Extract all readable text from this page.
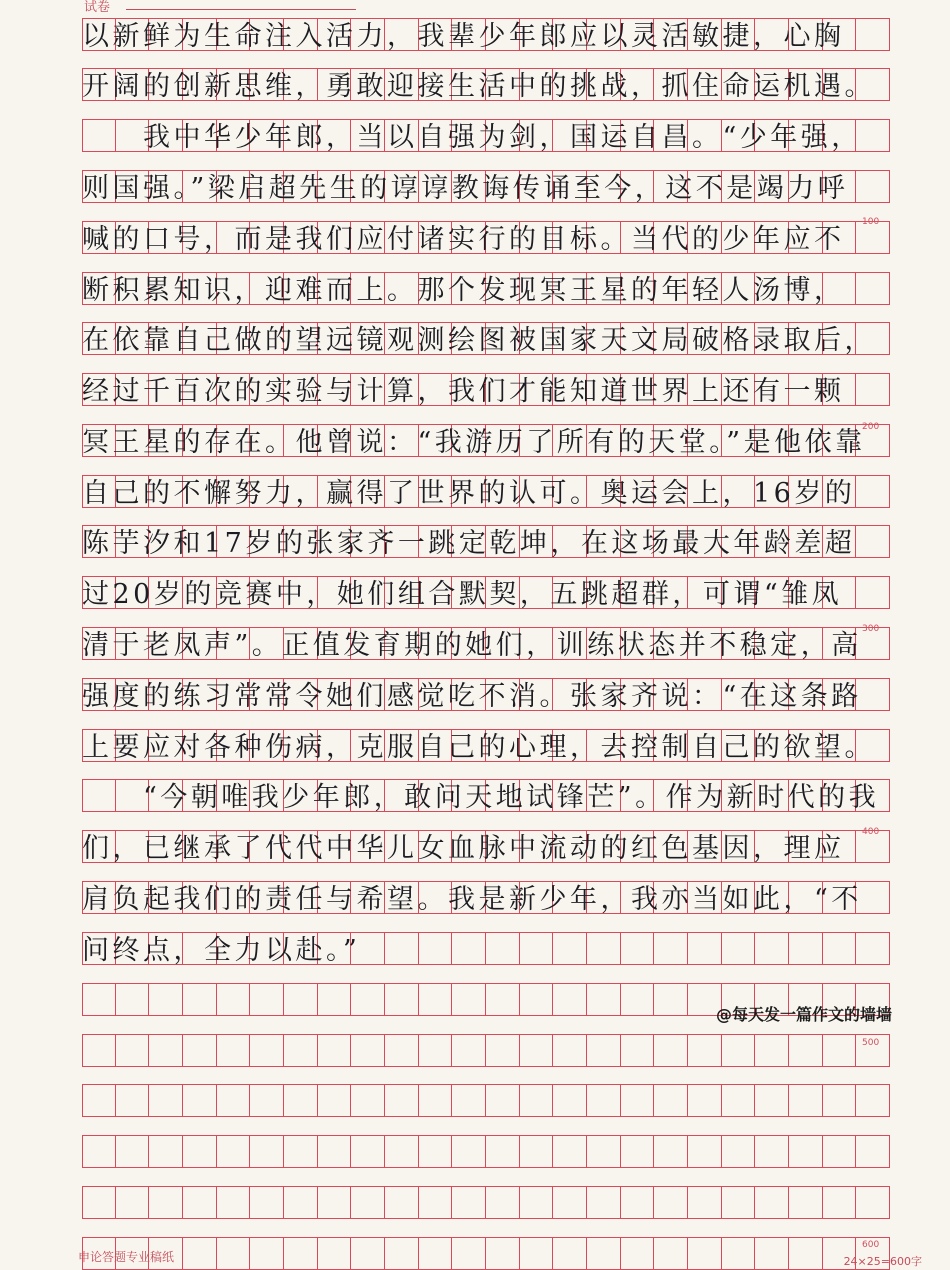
试卷
以新鲜为生命注入活力，我辈少年郎应以灵活敏捷，心胸
开阔的创新思维，勇敢迎接生活中的挑战，抓住命运机遇。
　　我中华少年郎，当以自强为剑，国运自昌。“少年强，
则国强。”梁启超先生的谆谆教诲传诵至今，这不是竭力呼
喊的口号，而是我们应付诸实行的目标。当代的少年应不
断积累知识，迎难而上。那个发现冥王星的年轻人汤博，
在依靠自己做的望远镜观测绘图被国家天文局破格录取后，
经过千百次的实验与计算，我们才能知道世界上还有一颗
冥王星的存在。他曾说：“我游历了所有的天堂。”是他依靠
自己的不懈努力，赢得了世界的认可。奥运会上，16岁的
陈芋汐和17岁的张家齐一跳定乾坤，在这场最大年龄差超
过20岁的竞赛中，她们组合默契，五跳超群，可谓“雏凤
清于老凤声”。正值发育期的她们，训练状态并不稳定，高
强度的练习常常令她们感觉吃不消。张家齐说：“在这条路
上要应对各种伤病，克服自己的心理，去控制自己的欲望。
　　“今朝唯我少年郎，敢问天地试锋芒”。作为新时代的我
们，已继承了代代中华儿女血脉中流动的红色基因，理应
肩负起我们的责任与希望。我是新少年，我亦当如此，“不
问终点，全力以赴。”
100
200
300
400
500
600
@每天发一篇作文的墙墙
申论答题专业稿纸	24×25=600字
